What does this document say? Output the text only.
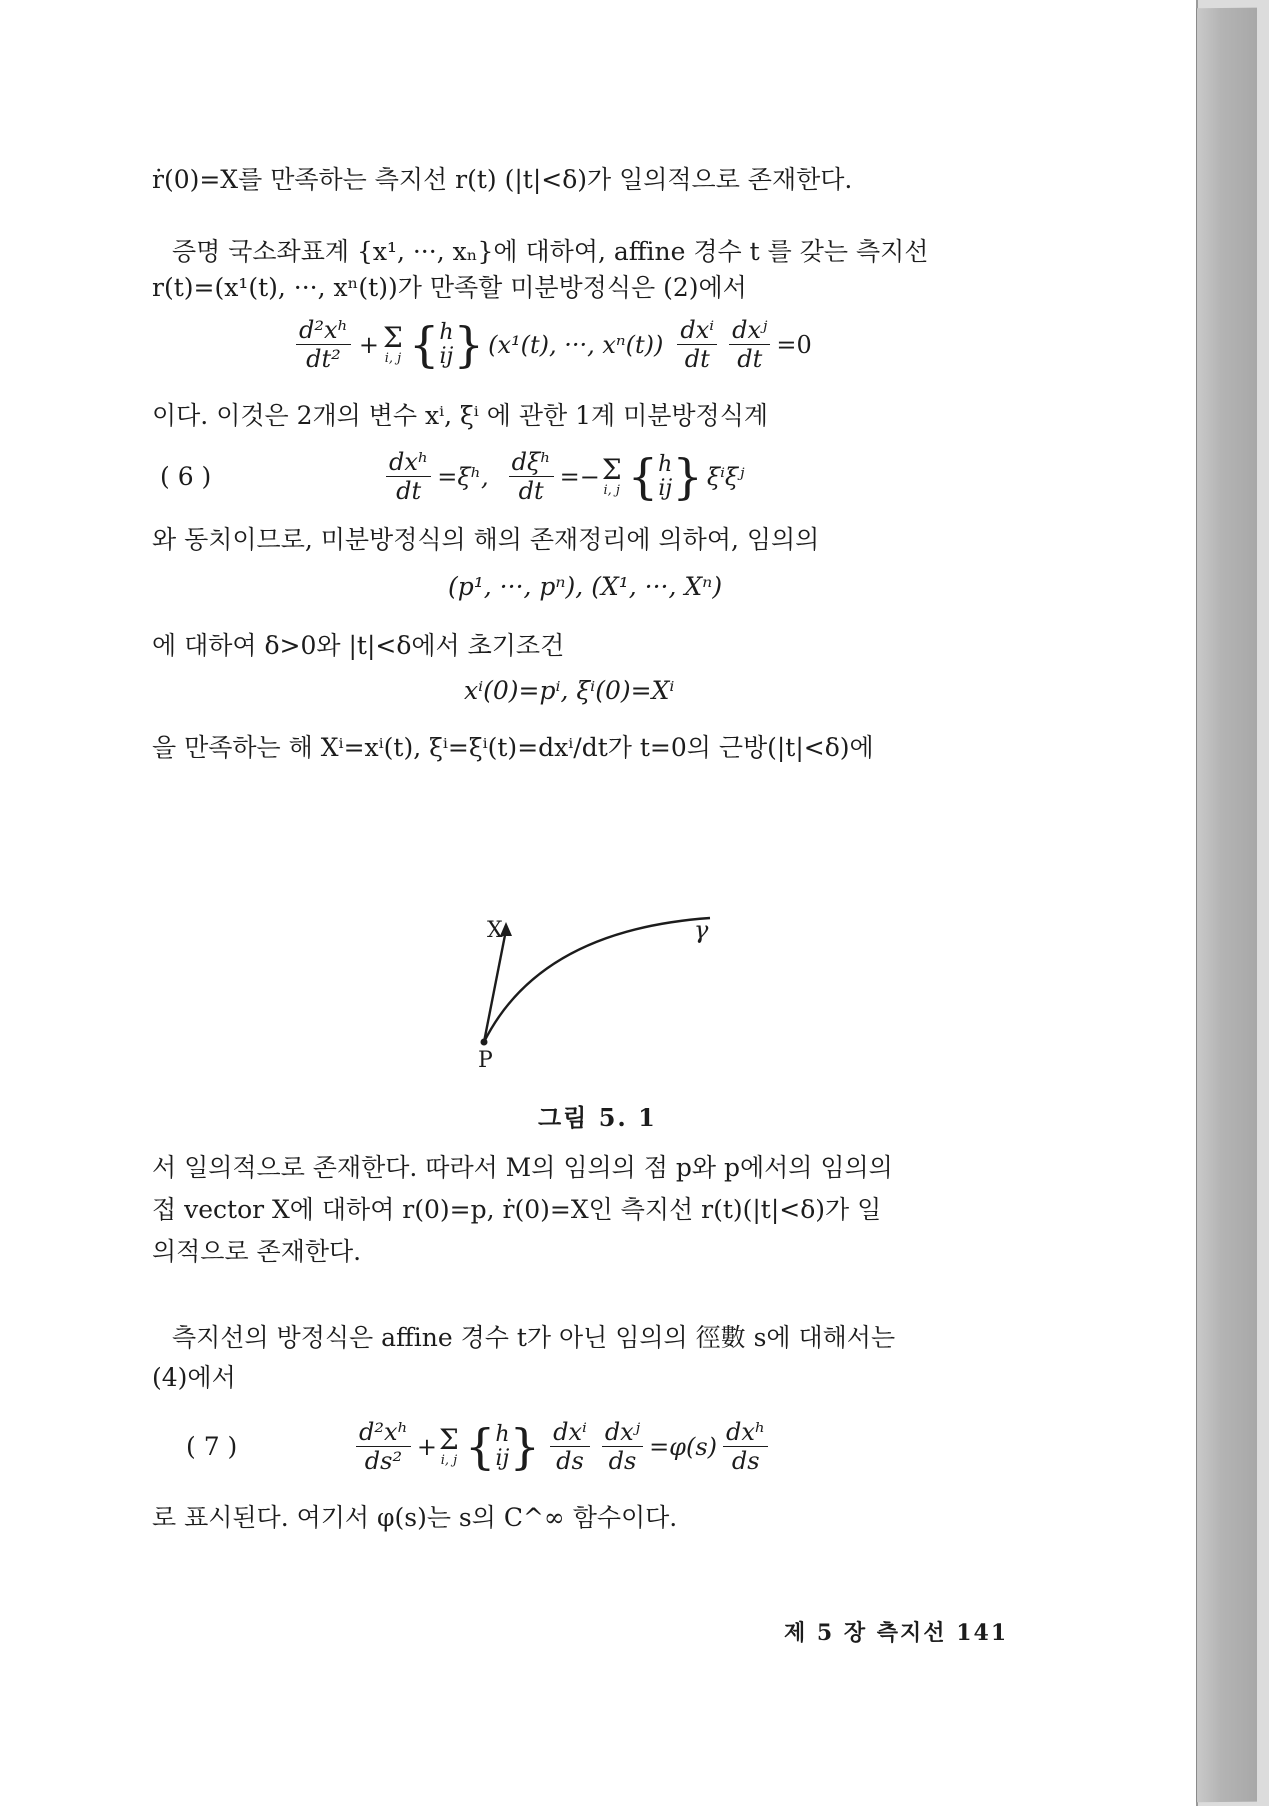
ṙ(0)=X를 만족하는 측지선 r(t) (|t|<δ)가 일의적으로 존재한다.
증명 국소좌표계 {x¹, ···, xₙ}에 대하여, affine 경수 t 를 갖는 측지선
r(t)=(x¹(t), ···, xⁿ(t))가 만족할 미분방정식은 (2)에서
$\frac{\text{d²xʰ}}{\text{dt²}} + \Sigma$
i, j { h
ij } (x¹(t), ···, $x^n(t)) \frac{\text{dxⁱ}}{dt} \frac{\text{dxʲ}}{dt} =0$
이다. 이것은 2개의 변수 xⁱ, ξⁱ 에 관한 1계 미분방정식계
( 6 )	$\frac{\text{dxʰ}}{dt}$ =ξʰ, $\frac{\text{dξʰ}}{dt} =- \Sigma$
i, j { h
ij } ξⁱξʲ
와 동치이므로, 미분방정식의 해의 존재정리에 의하여, 임의의
(p¹, ···, pⁿ), (X¹, ···, Xⁿ)
에 대하여 δ>0와 |t|<δ에서 초기조건
xⁱ(0)=pⁱ, ξⁱ(0)=Xⁱ
을 만족하는 해 Xⁱ=xⁱ(t), ξⁱ=ξⁱ(t)=dxⁱ/dt가 t=0의 근방(|t|<δ)에
X
P
γ
그림 5. 1
서 일의적으로 존재한다. 따라서 M의 임의의 점 p와 p에서의 임의의
접 vector X에 대하여 r(0)=p, ṙ(0)=X인 측지선 r(t)(|t|<δ)가 일
의적으로 존재한다.
측지선의 방정식은 affine 경수 t가 아닌 임의의 徑數 s에 대해서는
(4)에서
( 7 )	$\frac{\text{d²xʰ}}{\text{ds²}} + \Sigma$
i, j { h
ij } $\frac{\text{dxⁱ}}{ds} \frac{\text{dxʲ}}{ds} =\varphi(s) \frac{\text{dxʰ}}{ds}$
로 표시된다. 여기서 φ(s)는 s의 C^∞ 함수이다.
제 5 장 측지선 141
